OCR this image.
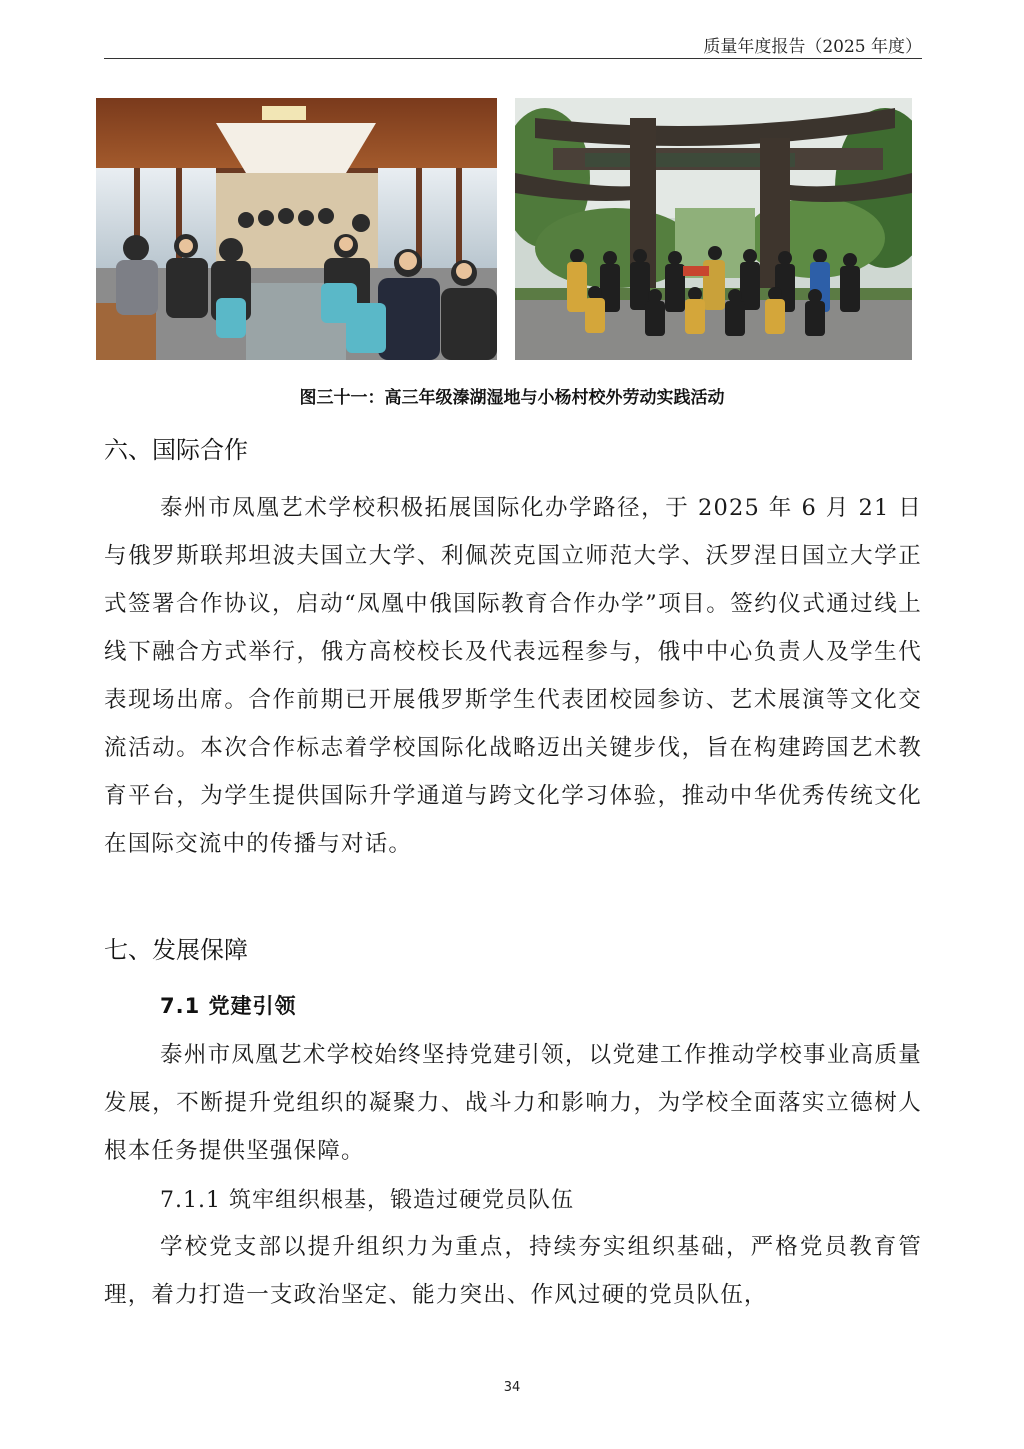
质量年度报告（2025 年度）
图三十一：高三年级溱湖湿地与小杨村校外劳动实践活动
六、国际合作
泰州市凤凰艺术学校积极拓展国际化办学路径，于 2025 年 6 月 21 日与俄罗斯联邦坦波夫国立大学、利佩茨克国立师范大学、沃罗涅日国立大学正式签署合作协议，启动“凤凰中俄国际教育合作办学”项目。签约仪式通过线上线下融合方式举行，俄方高校校长及代表远程参与，俄中中心负责人及学生代表现场出席。合作前期已开展俄罗斯学生代表团校园参访、艺术展演等文化交流活动。本次合作标志着学校国际化战略迈出关键步伐，旨在构建跨国艺术教育平台，为学生提供国际升学通道与跨文化学习体验，推动中华优秀传统文化在国际交流中的传播与对话。
七、发展保障
7.1 党建引领
泰州市凤凰艺术学校始终坚持党建引领，以党建工作推动学校事业高质量发展，不断提升党组织的凝聚力、战斗力和影响力，为学校全面落实立德树人根本任务提供坚强保障。
7.1.1 筑牢组织根基，锻造过硬党员队伍
学校党支部以提升组织力为重点，持续夯实组织基础，严格党员教育管理，着力打造一支政治坚定、能力突出、作风过硬的党员队伍，
34
